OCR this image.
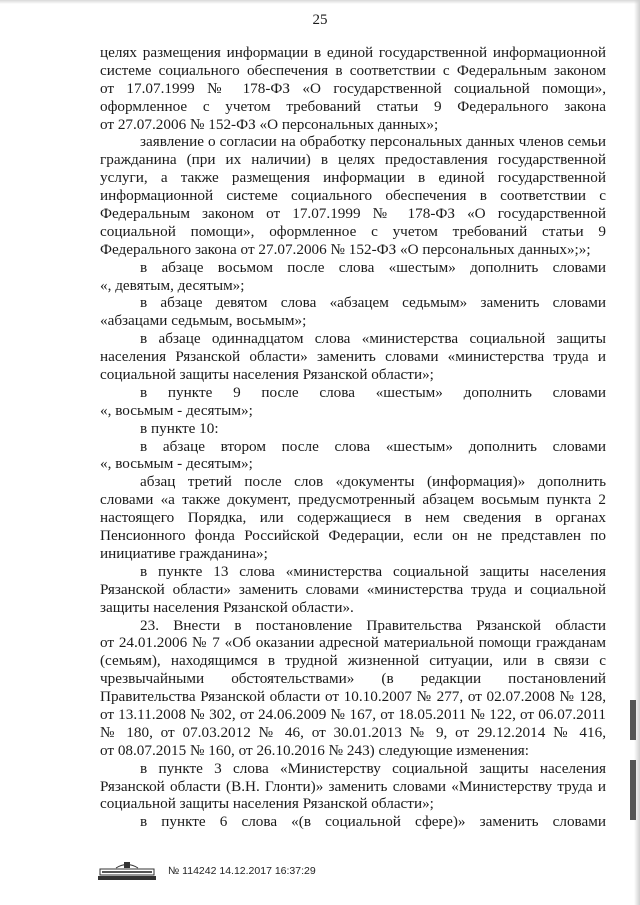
25
целях размещения информации в единой государственной информационной
системе социального обеспечения в соответствии с Федеральным законом
от 17.07.1999 № 178-ФЗ «О государственной социальной помощи»,
оформленное с учетом требований статьи 9 Федерального закона
от 27.07.2006 № 152-ФЗ «О персональных данных»;
заявление о согласии на обработку персональных данных членов семьи
гражданина (при их наличии) в целях предоставления государственной
услуги, а также размещения информации в единой государственной
информационной системе социального обеспечения в соответствии с
Федеральным законом от 17.07.1999 № 178-ФЗ «О государственной
социальной помощи», оформленное с учетом требований статьи 9
Федерального закона от 27.07.2006 № 152-ФЗ «О персональных данных»;»;
в абзаце восьмом после слова «шестым» дополнить словами
«, девятым, десятым»;
в абзаце девятом слова «абзацем седьмым» заменить словами
«абзацами седьмым, восьмым»;
в абзаце одиннадцатом слова «министерства социальной защиты
населения Рязанской области» заменить словами «министерства труда и
социальной защиты населения Рязанской области»;
в пункте 9 после слова «шестым» дополнить словами
«, восьмым - десятым»;
в пункте 10:
в абзаце втором после слова «шестым» дополнить словами
«, восьмым - десятым»;
абзац третий после слов «документы (информация)» дополнить
словами «а также документ, предусмотренный абзацем восьмым пункта 2
настоящего Порядка, или содержащиеся в нем сведения в органах
Пенсионного фонда Российской Федерации, если он не представлен по
инициативе гражданина»;
в пункте 13 слова «министерства социальной защиты населения
Рязанской области» заменить словами «министерства труда и социальной
защиты населения Рязанской области».
23. Внести в постановление Правительства Рязанской области
от 24.01.2006 № 7 «Об оказании адресной материальной помощи гражданам
(семьям), находящимся в трудной жизненной ситуации, или в связи с
чрезвычайными обстоятельствами» (в редакции постановлений
Правительства Рязанской области от 10.10.2007 № 277, от 02.07.2008 № 128,
от 13.11.2008 № 302, от 24.06.2009 № 167, от 18.05.2011 № 122, от 06.07.2011
№ 180, от 07.03.2012 № 46, от 30.01.2013 № 9, от 29.12.2014 № 416,
от 08.07.2015 № 160, от 26.10.2016 № 243) следующие изменения:
в пункте 3 слова «Министерству социальной защиты населения
Рязанской области (В.Н. Глонти)» заменить словами «Министерству труда и
социальной защиты населения Рязанской области»;
в пункте 6 слова «(в социальной сфере)» заменить словами
№ 114242 14.12.2017 16:37:29
